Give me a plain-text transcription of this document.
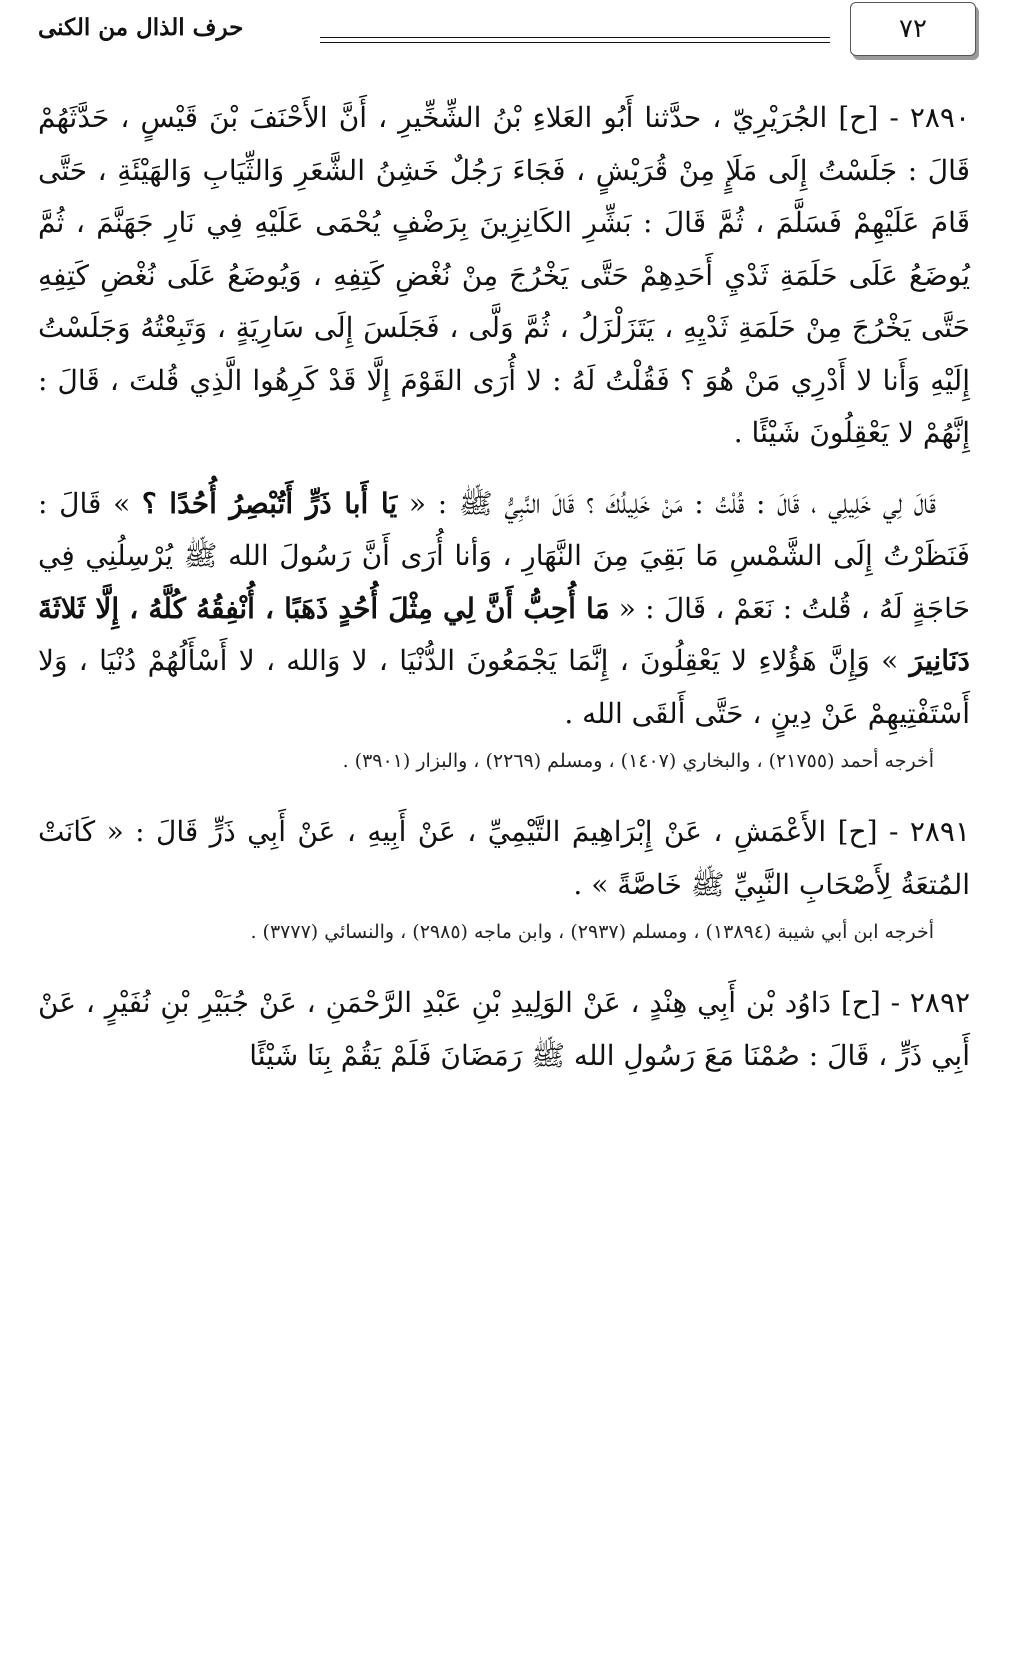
٧٢
حرف الذال من الكنى

٢٨٩٠ - [ح] الجُرَيْرِيّ ، حدَّثنا أَبُو العَلاءِ بْنُ الشِّخِّيرِ ، أَنَّ الأَحْنَفَ بْنَ قَيْسٍ ، حَدَّثَهُمْ قَالَ : جَلَسْتُ إِلَى مَلَإٍ مِنْ قُرَيْشٍ ، فَجَاءَ رَجُلٌ خَشِنُ الشَّعَرِ وَالثِّيَابِ وَالهَيْئَةِ ، حَتَّى قَامَ عَلَيْهِمْ فَسَلَّمَ ، ثُمَّ قَالَ : بَشِّرِ الكَانِزِينَ بِرَضْفٍ يُحْمَى عَلَيْهِ فِي نَارِ جَهَنَّمَ ، ثُمَّ يُوضَعُ عَلَى حَلَمَةِ ثَدْيِ أَحَدِهِمْ حَتَّى يَخْرُجَ مِنْ نُغْضِ كَتِفِهِ ، وَيُوضَعُ عَلَى نُغْضِ كَتِفِهِ حَتَّى يَخْرُجَ مِنْ حَلَمَةِ ثَدْيِهِ ، يَتَزَلْزَلُ ، ثُمَّ وَلَّى ، فَجَلَسَ إِلَى سَارِيَةٍ ، وَتَبِعْتُهُ وَجَلَسْتُ إِلَيْهِ وَأَنا لا أَدْرِي مَنْ هُوَ ؟ فَقُلْتُ لَهُ : لا أُرَى القَوْمَ إِلَّا قَدْ كَرِهُوا الَّذِي قُلتَ ، قَالَ : إِنَّهُمْ لا يَعْقِلُونَ شَيْئًا .

قَالَ لِي خَلِيلِي ، قَالَ : قُلْتُ : مَنْ خَلِيلُكَ ؟ قَالَ النَّبِيُّ ﷺ : « يَا أَبا ذَرٍّ أَتُبْصِرُ أُحُدًا ؟ » قَالَ : فَنَظَرْتُ إِلَى الشَّمْسِ مَا بَقِيَ مِنَ النَّهَارِ ، وَأنا أُرَى أَنَّ رَسُولَ الله ﷺ يُرْسِلُنِي فِي حَاجَةٍ لَهُ ، قُلتُ : نَعَمْ ، قَالَ : « مَا أُحِبُّ أَنَّ لِي مِثْلَ أُحُدٍ ذَهَبًا ، أُنْفِقُهُ كُلَّهُ ، إِلَّا ثَلاثَةَ دَنَانِيرَ » وَإِنَّ هَؤُلاءِ لا يَعْقِلُونَ ، إِنَّمَا يَجْمَعُونَ الدُّنْيَا ، لا وَالله ، لا أَسْأَلُهُمْ دُنْيَا ، وَلا أَسْتَفْتِيهِمْ عَنْ دِينٍ ، حَتَّى أَلقَى الله .

أخرجه أحمد (٢١٧٥٥) ، والبخاري (١٤٠٧) ، ومسلم (٢٢٦٩) ، والبزار (٣٩٠١) .

٢٨٩١ - [ح] الأَعْمَشِ ، عَنْ إِبْرَاهِيمَ التَّيْمِيِّ ، عَنْ أَبِيهِ ، عَنْ أَبِي ذَرٍّ قَالَ : « كَانَتْ المُتعَةُ لِأَصْحَابِ النَّبِيِّ ﷺ خَاصَّةً » .

أخرجه ابن أبي شيبة (١٣٨٩٤) ، ومسلم (٢٩٣٧) ، وابن ماجه (٢٩٨٥) ، والنسائي (٣٧٧٧) .

٢٨٩٢ - [ح] دَاوُد بْن أَبِي هِنْدٍ ، عَنْ الوَلِيدِ بْنِ عَبْدِ الرَّحْمَنِ ، عَنْ جُبَيْرِ بْنِ نُفَيْرٍ ، عَنْ أَبِي ذَرٍّ ، قَالَ : صُمْنَا مَعَ رَسُولِ الله ﷺ رَمَضَانَ فَلَمْ يَقُمْ بِنَا شَيْئًا
